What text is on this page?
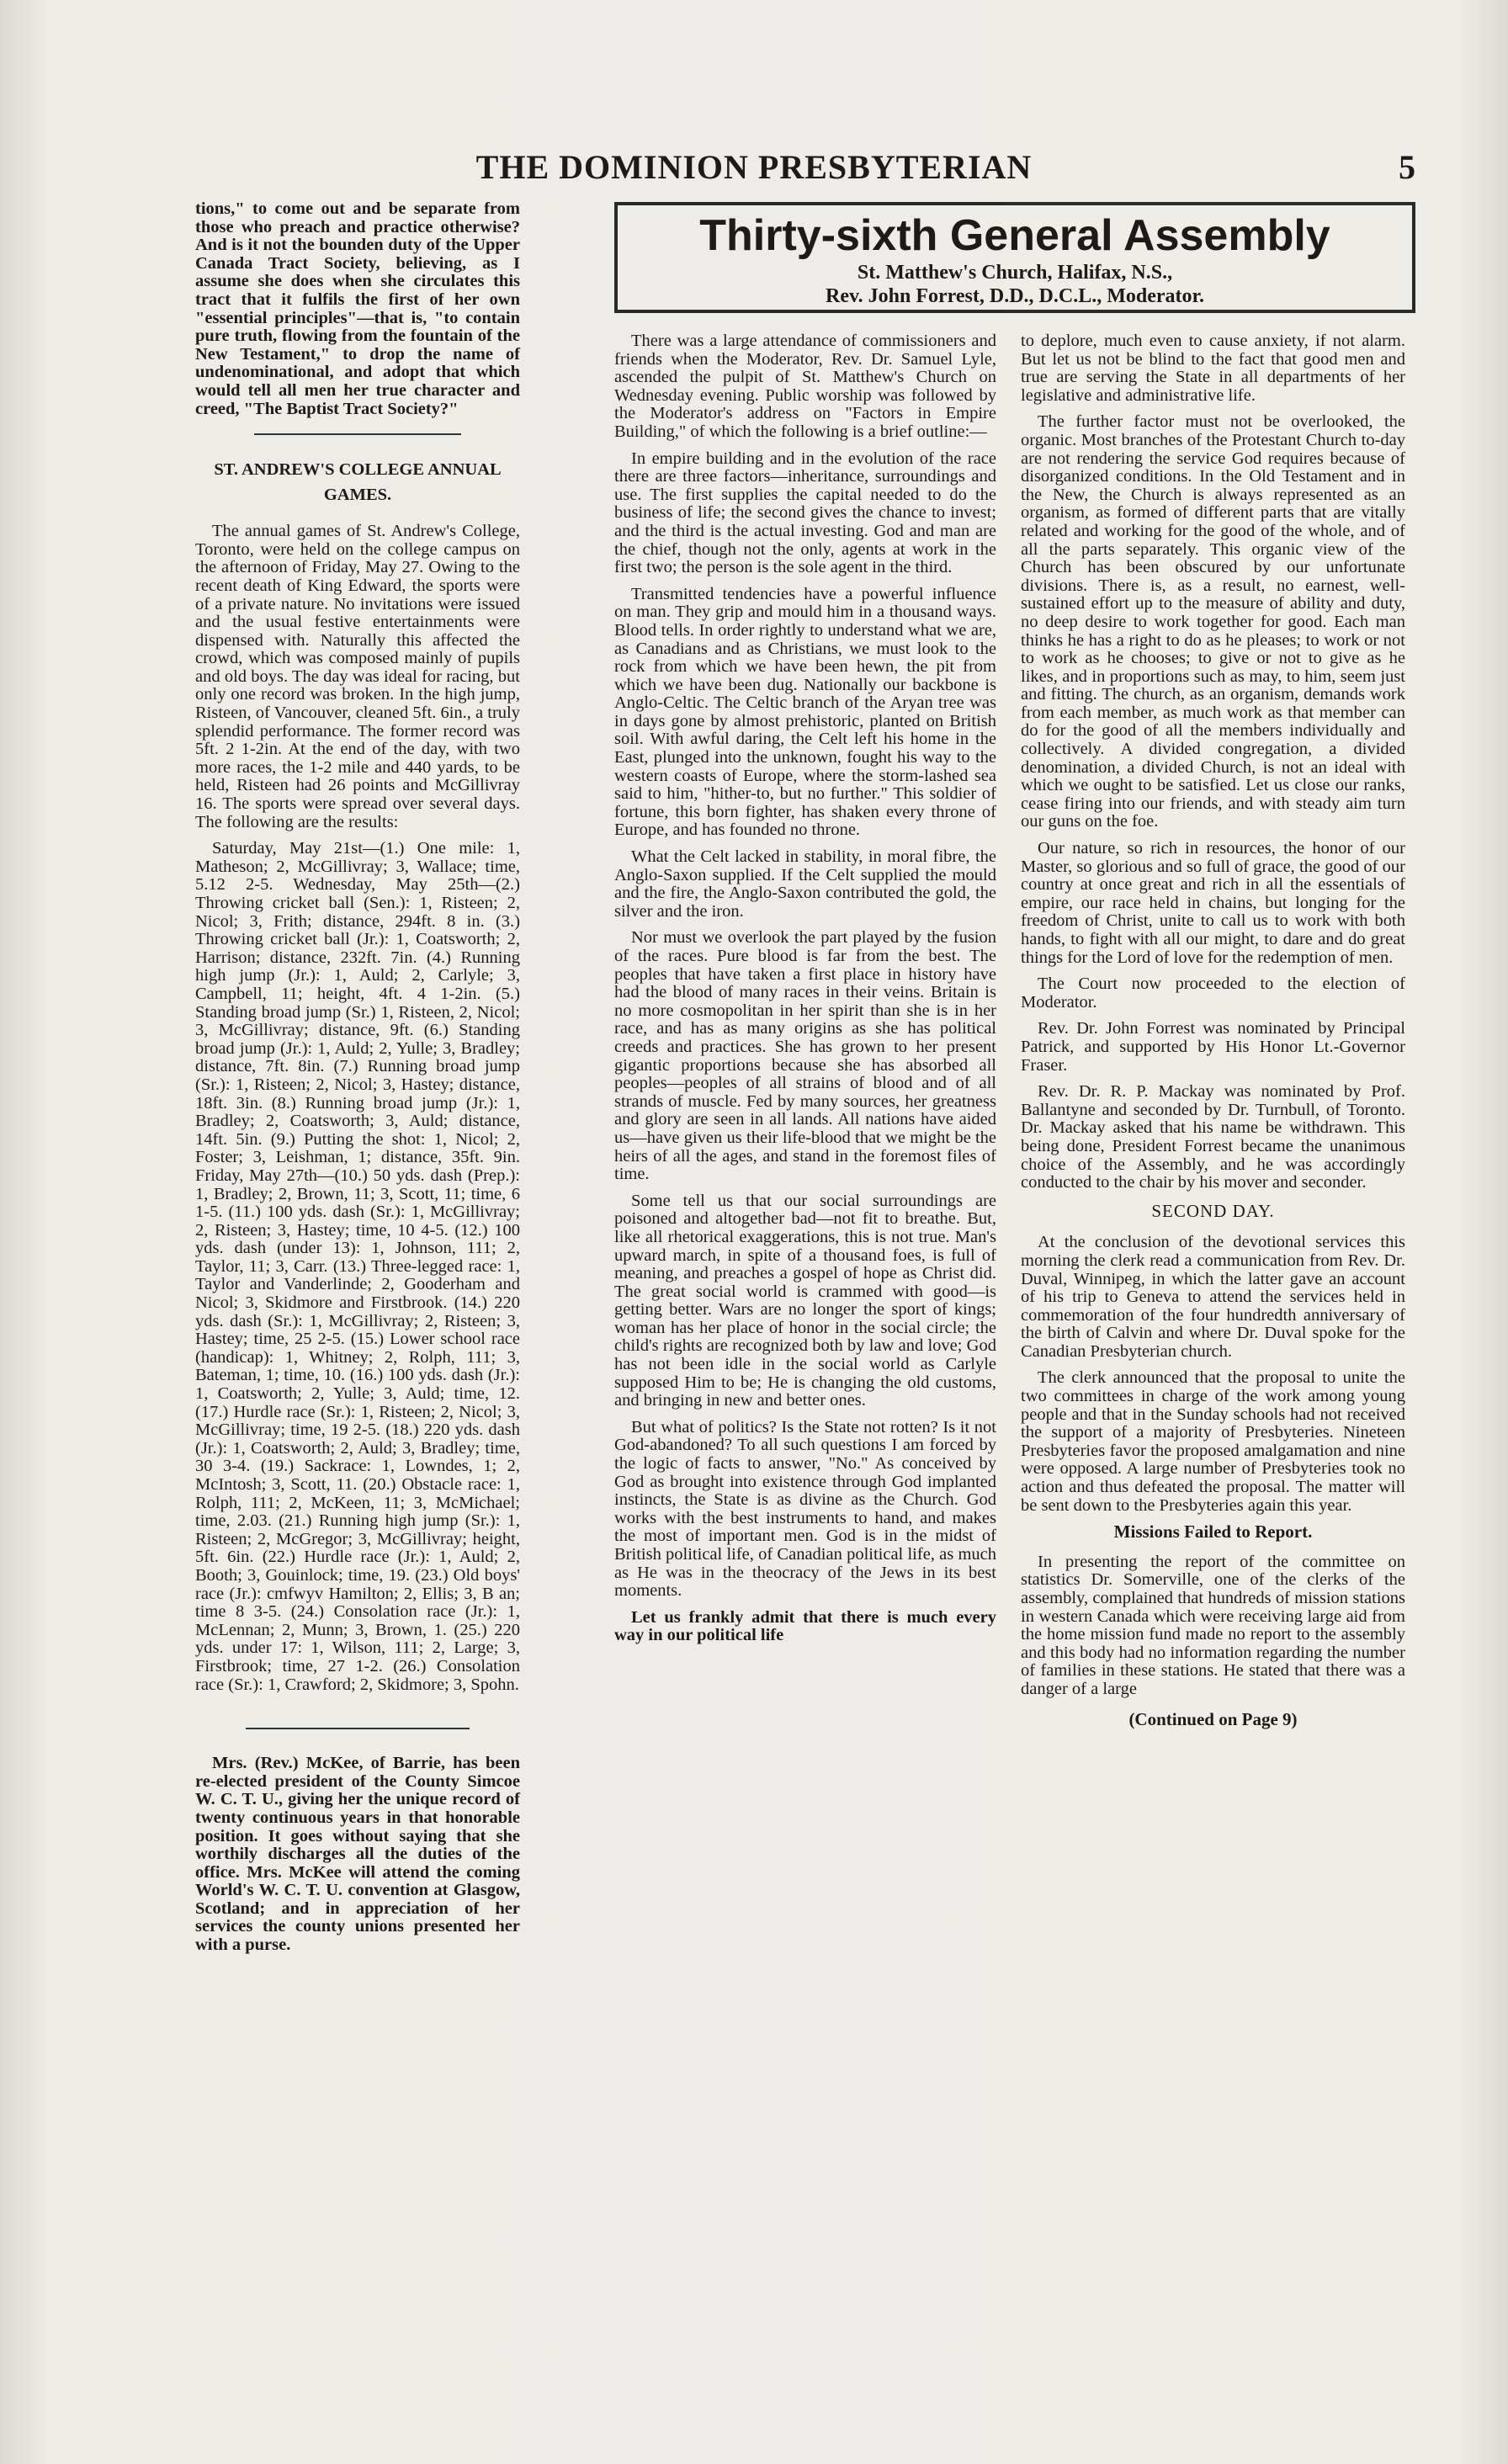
THE DOMINION PRESBYTERIAN	5

tions," to come out and be separate from those who preach and practice otherwise? And is it not the bounden duty of the Upper Canada Tract Society, believing, as I assume she does when she circulates this tract that it fulfils the first of her own "essential principles"—that is, "to contain pure truth, flowing from the fountain of the New Testament," to drop the name of undenominational, and adopt that which would tell all men her true character and creed, "The Baptist Tract Society?"

ST. ANDREW'S COLLEGE ANNUAL GAMES.

The annual games of St. Andrew's College, Toronto, were held on the college campus on the afternoon of Friday, May 27. Owing to the recent death of King Edward, the sports were of a private nature. No invitations were issued and the usual festive entertainments were dispensed with. Naturally this affected the crowd, which was composed mainly of pupils and old boys. The day was ideal for racing, but only one record was broken. In the high jump, Risteen, of Vancouver, cleaned 5ft. 6in., a truly splendid performance. The former record was 5ft. 2 1-2in. At the end of the day, with two more races, the 1-2 mile and 440 yards, to be held, Risteen had 26 points and McGillivray 16. The sports were spread over several days. The following are the results:

Saturday, May 21st—(1.) One mile: 1, Matheson; 2, McGillivray; 3, Wallace; time, 5.12 2-5. Wednesday, May 25th—(2.) Throwing cricket ball (Sen.): 1, Risteen; 2, Nicol; 3, Frith; distance, 294ft. 8 in. (3.) Throwing cricket ball (Jr.): 1, Coatsworth; 2, Harrison; distance, 232ft. 7in. (4.) Running high jump (Jr.): 1, Auld; 2, Carlyle; 3, Campbell, 11; height, 4ft. 4 1-2in. (5.) Standing broad jump (Sr.) 1, Risteen, 2, Nicol; 3, McGillivray; distance, 9ft. (6.) Standing broad jump (Jr.): 1, Auld; 2, Yulle; 3, Bradley; distance, 7ft. 8in. (7.) Running broad jump (Sr.): 1, Risteen; 2, Nicol; 3, Hastey; distance, 18ft. 3in. (8.) Running broad jump (Jr.): 1, Bradley; 2, Coatsworth; 3, Auld; distance, 14ft. 5in. (9.) Putting the shot: 1, Nicol; 2, Foster; 3, Leishman, 1; distance, 35ft. 9in. Friday, May 27th—(10.) 50 yds. dash (Prep.): 1, Bradley; 2, Brown, 11; 3, Scott, 11; time, 6 1-5. (11.) 100 yds. dash (Sr.): 1, McGillivray; 2, Risteen; 3, Hastey; time, 10 4-5. (12.) 100 yds. dash (under 13): 1, Johnson, 111; 2, Taylor, 11; 3, Carr. (13.) Three-legged race: 1, Taylor and Vanderlinde; 2, Gooderham and Nicol; 3, Skidmore and Firstbrook. (14.) 220 yds. dash (Sr.): 1, McGillivray; 2, Risteen; 3, Hastey; time, 25 2-5. (15.) Lower school race (handicap): 1, Whitney; 2, Rolph, 111; 3, Bateman, 1; time, 10. (16.) 100 yds. dash (Jr.): 1, Coatsworth; 2, Yulle; 3, Auld; time, 12. (17.) Hurdle race (Sr.): 1, Risteen; 2, Nicol; 3, McGillivray; time, 19 2-5. (18.) 220 yds. dash (Jr.): 1, Coatsworth; 2, Auld; 3, Bradley; time, 30 3-4. (19.) Sackrace: 1, Lowndes, 1; 2, McIntosh; 3, Scott, 11. (20.) Obstacle race: 1, Rolph, 111; 2, McKeen, 11; 3, McMichael; time, 2.03. (21.) Running high jump (Sr.): 1, Risteen; 2, McGregor; 3, McGillivray; height, 5ft. 6in. (22.) Hurdle race (Jr.): 1, Auld; 2, Booth; 3, Gouinlock; time, 19. (23.) Old boys' race (Jr.): cmfwyv Hamilton; 2, Ellis; 3, B an; time 8 3-5. (24.) Consolation race (Jr.): 1, McLennan; 2, Munn; 3, Brown, 1. (25.) 220 yds. under 17: 1, Wilson, 111; 2, Large; 3, Firstbrook; time, 27 1-2. (26.) Consolation race (Sr.): 1, Crawford; 2, Skidmore; 3, Spohn.

Mrs. (Rev.) McKee, of Barrie, has been re-elected president of the County Simcoe W. C. T. U., giving her the unique record of twenty continuous years in that honorable position. It goes without saying that she worthily discharges all the duties of the office. Mrs. McKee will attend the coming World's W. C. T. U. convention at Glasgow, Scotland; and in appreciation of her services the county unions presented her with a purse.

Thirty-sixth General Assembly
St. Matthew's Church, Halifax, N.S.,
Rev. John Forrest, D.D., D.C.L., Moderator.

There was a large attendance of commissioners and friends when the Moderator, Rev. Dr. Samuel Lyle, ascended the pulpit of St. Matthew's Church on Wednesday evening. Public worship was followed by the Moderator's address on "Factors in Empire Building," of which the following is a brief outline:—

In empire building and in the evolution of the race there are three factors—inheritance, surroundings and use. The first supplies the capital needed to do the business of life; the second gives the chance to invest; and the third is the actual investing. God and man are the chief, though not the only, agents at work in the first two; the person is the sole agent in the third.

Transmitted tendencies have a powerful influence on man. They grip and mould him in a thousand ways. Blood tells. In order rightly to understand what we are, as Canadians and as Christians, we must look to the rock from which we have been hewn, the pit from which we have been dug. Nationally our backbone is Anglo-Celtic. The Celtic branch of the Aryan tree was in days gone by almost prehistoric, planted on British soil. With awful daring, the Celt left his home in the East, plunged into the unknown, fought his way to the western coasts of Europe, where the storm-lashed sea said to him, "hither-to, but no further." This soldier of fortune, this born fighter, has shaken every throne of Europe, and has founded no throne.

What the Celt lacked in stability, in moral fibre, the Anglo-Saxon supplied. If the Celt supplied the mould and the fire, the Anglo-Saxon contributed the gold, the silver and the iron.

Nor must we overlook the part played by the fusion of the races. Pure blood is far from the best. The peoples that have taken a first place in history have had the blood of many races in their veins. Britain is no more cosmopolitan in her spirit than she is in her race, and has as many origins as she has political creeds and practices. She has grown to her present gigantic proportions because she has absorbed all peoples—peoples of all strains of blood and of all strands of muscle. Fed by many sources, her greatness and glory are seen in all lands. All nations have aided us—have given us their life-blood that we might be the heirs of all the ages, and stand in the foremost files of time.

Some tell us that our social surroundings are poisoned and altogether bad—not fit to breathe. But, like all rhetorical exaggerations, this is not true. Man's upward march, in spite of a thousand foes, is full of meaning, and preaches a gospel of hope as Christ did. The great social world is crammed with good—is getting better. Wars are no longer the sport of kings; woman has her place of honor in the social circle; the child's rights are recognized both by law and love; God has not been idle in the social world as Carlyle supposed Him to be; He is changing the old customs, and bringing in new and better ones.

But what of politics? Is the State not rotten? Is it not God-abandoned? To all such questions I am forced by the logic of facts to answer, "No." As conceived by God as brought into existence through God implanted instincts, the State is as divine as the Church. God works with the best instruments to hand, and makes the most of important men. God is in the midst of British political life, of Canadian political life, as much as He was in the theocracy of the Jews in its best moments.

Let us frankly admit that there is much every way in our political life

to deplore, much even to cause anxiety, if not alarm. But let us not be blind to the fact that good men and true are serving the State in all departments of her legislative and administrative life.

The further factor must not be overlooked, the organic. Most branches of the Protestant Church to-day are not rendering the service God requires because of disorganized conditions. In the Old Testament and in the New, the Church is always represented as an organism, as formed of different parts that are vitally related and working for the good of the whole, and of all the parts separately. This organic view of the Church has been obscured by our unfortunate divisions. There is, as a result, no earnest, well-sustained effort up to the measure of ability and duty, no deep desire to work together for good. Each man thinks he has a right to do as he pleases; to work or not to work as he chooses; to give or not to give as he likes, and in proportions such as may, to him, seem just and fitting. The church, as an organism, demands work from each member, as much work as that member can do for the good of all the members individually and collectively. A divided congregation, a divided denomination, a divided Church, is not an ideal with which we ought to be satisfied. Let us close our ranks, cease firing into our friends, and with steady aim turn our guns on the foe.

Our nature, so rich in resources, the honor of our Master, so glorious and so full of grace, the good of our country at once great and rich in all the essentials of empire, our race held in chains, but longing for the freedom of Christ, unite to call us to work with both hands, to fight with all our might, to dare and do great things for the Lord of love for the redemption of men.

The Court now proceeded to the election of Moderator.

Rev. Dr. John Forrest was nominated by Principal Patrick, and supported by His Honor Lt.-Governor Fraser.

Rev. Dr. R. P. Mackay was nominated by Prof. Ballantyne and seconded by Dr. Turnbull, of Toronto. Dr. Mackay asked that his name be withdrawn. This being done, President Forrest became the unanimous choice of the Assembly, and he was accordingly conducted to the chair by his mover and seconder.

SECOND DAY.

At the conclusion of the devotional services this morning the clerk read a communication from Rev. Dr. Duval, Winnipeg, in which the latter gave an account of his trip to Geneva to attend the services held in commemoration of the four hundredth anniversary of the birth of Calvin and where Dr. Duval spoke for the Canadian Presbyterian church.

The clerk announced that the proposal to unite the two committees in charge of the work among young people and that in the Sunday schools had not received the support of a majority of Presbyteries. Nineteen Presbyteries favor the proposed amalgamation and nine were opposed. A large number of Presbyteries took no action and thus defeated the proposal. The matter will be sent down to the Presbyteries again this year.

Missions Failed to Report.

In presenting the report of the committee on statistics Dr. Somerville, one of the clerks of the assembly, complained that hundreds of mission stations in western Canada which were receiving large aid from the home mission fund made no report to the assembly and this body had no information regarding the number of families in these stations. He stated that there was a danger of a large

(Continued on Page 9)
